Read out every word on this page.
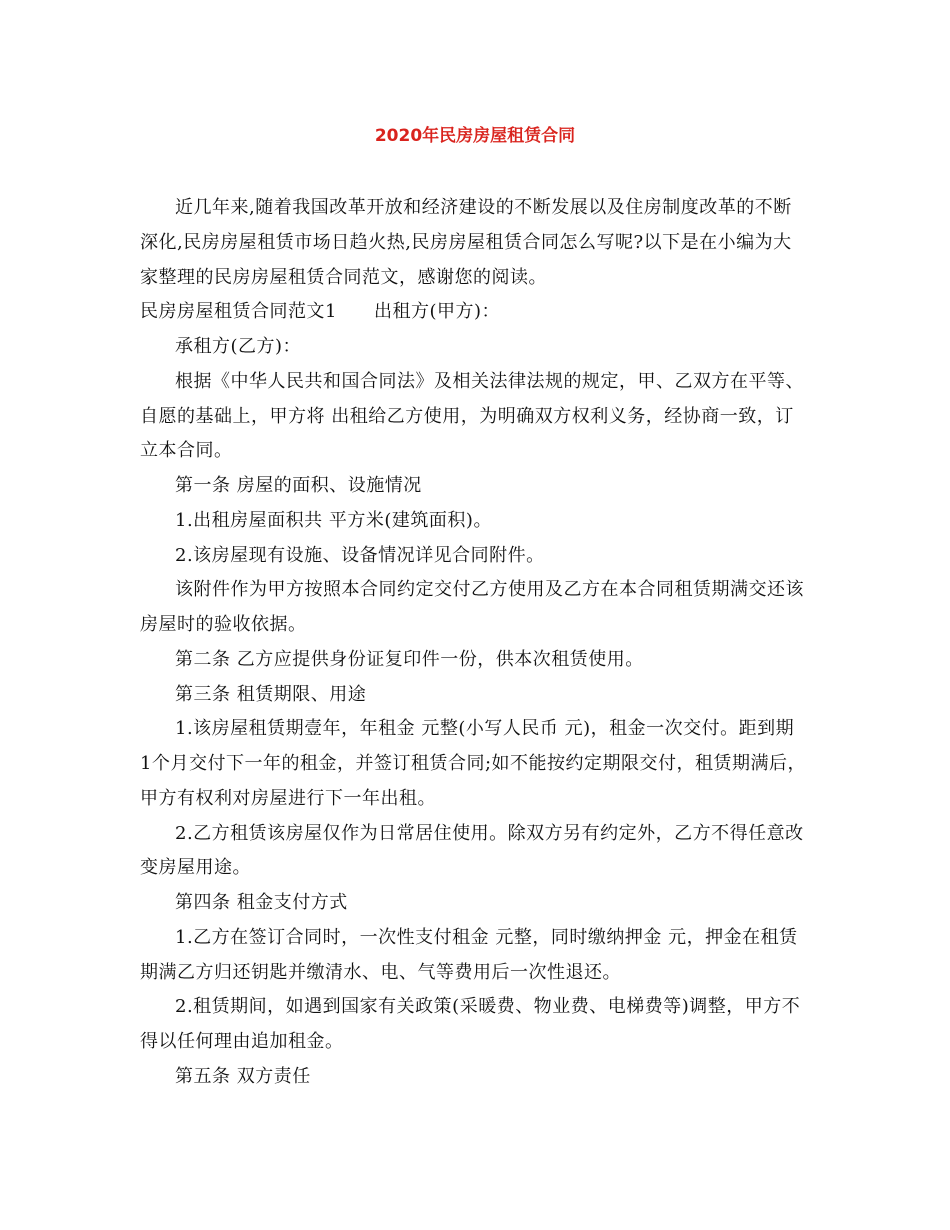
2020年民房房屋租赁合同
近几年来,随着我国改革开放和经济建设的不断发展以及住房制度改革的不断
深化,民房房屋租赁市场日趋火热,民房房屋租赁合同怎么写呢?以下是在小编为大
家整理的民房房屋租赁合同范文，感谢您的阅读。
民房房屋租赁合同范文1　　出租方(甲方)：
承租方(乙方)：
根据《中华人民共和国合同法》及相关法律法规的规定，甲、乙双方在平等、
自愿的基础上，甲方将 出租给乙方使用，为明确双方权利义务，经协商一致，订
立本合同。
第一条 房屋的面积、设施情况
1.出租房屋面积共 平方米(建筑面积)。
2.该房屋现有设施、设备情况详见合同附件。
该附件作为甲方按照本合同约定交付乙方使用及乙方在本合同租赁期满交还该
房屋时的验收依据。
第二条 乙方应提供身份证复印件一份，供本次租赁使用。
第三条 租赁期限、用途
1.该房屋租赁期壹年，年租金 元整(小写人民币 元)，租金一次交付。距到期
1个月交付下一年的租金，并签订租赁合同;如不能按约定期限交付，租赁期满后，
甲方有权利对房屋进行下一年出租。
2.乙方租赁该房屋仅作为日常居住使用。除双方另有约定外，乙方不得任意改
变房屋用途。
第四条 租金支付方式
1.乙方在签订合同时，一次性支付租金 元整，同时缴纳押金 元，押金在租赁
期满乙方归还钥匙并缴清水、电、气等费用后一次性退还。
2.租赁期间，如遇到国家有关政策(采暖费、物业费、电梯费等)调整，甲方不
得以任何理由追加租金。
第五条 双方责任
